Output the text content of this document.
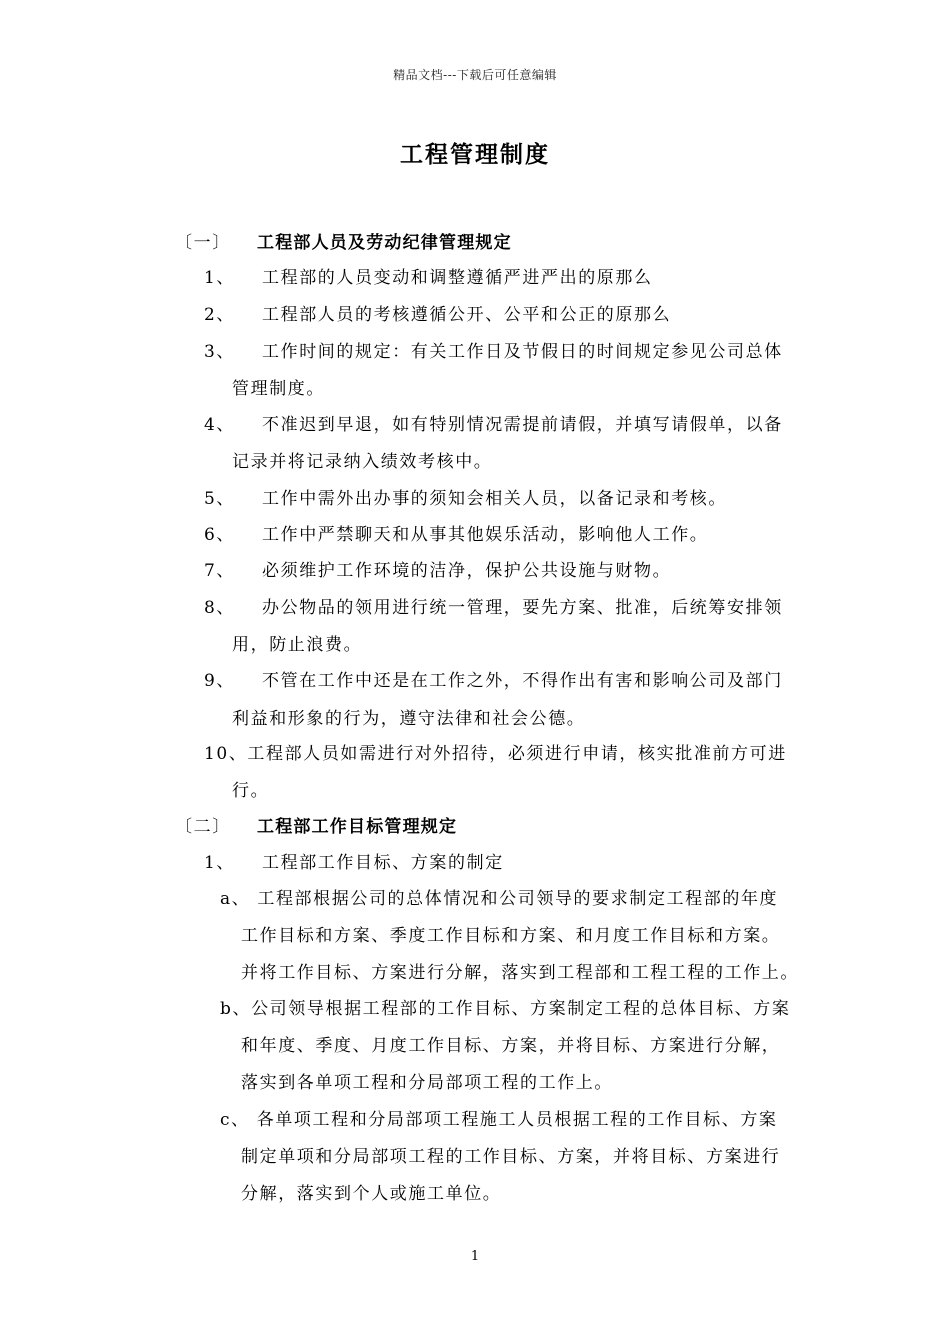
精品文档---下载后可任意编辑
工程管理制度
〔一〕 工程部人员及劳动纪律管理规定
1、 工程部的人员变动和调整遵循严进严出的原那么
2、 工程部人员的考核遵循公开、公平和公正的原那么
3、 工作时间的规定：有关工作日及节假日的时间规定参见公司总体
管理制度。
4、 不准迟到早退，如有特别情况需提前请假，并填写请假单，以备
记录并将记录纳入绩效考核中。
5、 工作中需外出办事的须知会相关人员，以备记录和考核。
6、 工作中严禁聊天和从事其他娱乐活动，影响他人工作。
7、 必须维护工作环境的洁净，保护公共设施与财物。
8、 办公物品的领用进行统一管理，要先方案、批准，后统筹安排领
用，防止浪费。
9、 不管在工作中还是在工作之外，不得作出有害和影响公司及部门
利益和形象的行为，遵守法律和社会公德。
10、工程部人员如需进行对外招待，必须进行申请，核实批准前方可进
行。
〔二〕 工程部工作目标管理规定
1、 工程部工作目标、方案的制定
a、 工程部根据公司的总体情况和公司领导的要求制定工程部的年度
工作目标和方案、季度工作目标和方案、和月度工作目标和方案。
并将工作目标、方案进行分解，落实到工程部和工程工程的工作上。
b、公司领导根据工程部的工作目标、方案制定工程的总体目标、方案
和年度、季度、月度工作目标、方案，并将目标、方案进行分解，
落实到各单项工程和分局部项工程的工作上。
c、 各单项工程和分局部项工程施工人员根据工程的工作目标、方案
制定单项和分局部项工程的工作目标、方案，并将目标、方案进行
分解，落实到个人或施工单位。
1
